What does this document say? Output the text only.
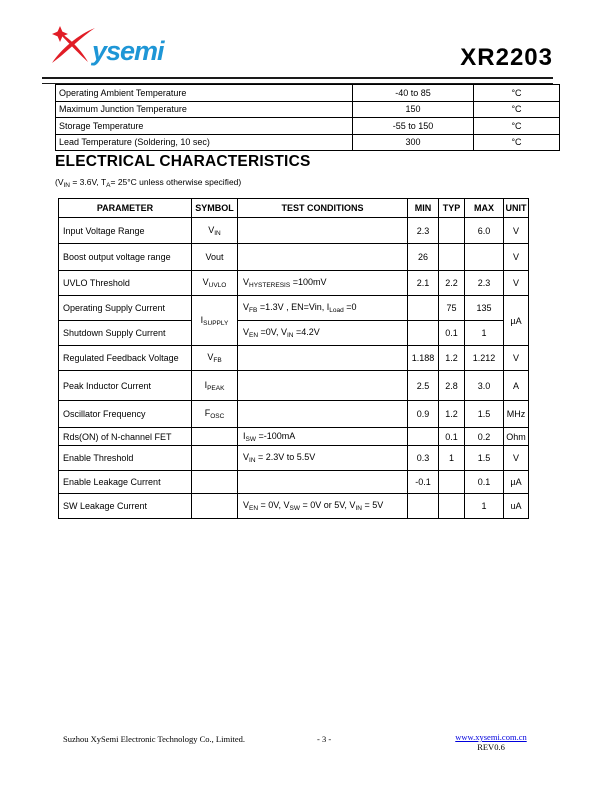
ysemi	XR2203
Operating Ambient Temperature	-40 to 85	°C
Maximum Junction Temperature	150	°C
Storage Temperature	-55 to 150	°C
Lead Temperature (Soldering, 10 sec)	300	°C
ELECTRICAL CHARACTERISTICS
($V_{IN} = 3.6V$, $T_A= 25^\circ C$ unless otherwise specified)
PARAMETER	SYMBOL	TEST CONDITIONS	MIN	TYP	MAX	UNIT
Input Voltage Range	$V_{IN}$		2.3		6.0	V
Boost output voltage range	Vout		26			V
UVLO Threshold	$V_{UVLO}$	$V_{HYSTERESIS} =100mV$	2.1	2.2	2.3	V
Operating Supply Current	$I_{SUPPLY}$	$V_{FB} =1.3V$ , EN=Vin, $I_{Load} =0$		75	135	µA
Shutdown Supply Current		$V_{EN} =0V$, $V_{IN} =4.2V$		0.1	1	
Regulated Feedback Voltage	$V_{FB}$		1.188	1.2	1.212	V
Peak Inductor Current	$I_{PEAK}$		2.5	2.8	3.0	A
Oscillator Frequency	$F_{OSC}$		0.9	1.2	1.5	MHz
Rds(ON) of N-channel FET		$I_{SW} =-100mA$		0.1	0.2	Ohm
Enable Threshold		$V_{IN} = 2.3V$ to 5.5V	0.3	1	1.5	V
Enable Leakage Current			-0.1		0.1	µA
SW Leakage Current		$V_{EN} = 0V$, $V_{SW} = 0V$ or 5V, $V_{IN} = 5V$			1	uA
Suzhou XySemi Electronic Technology Co., Limited.	- 3 -	www.xysemi.com.cn
REV0.6
